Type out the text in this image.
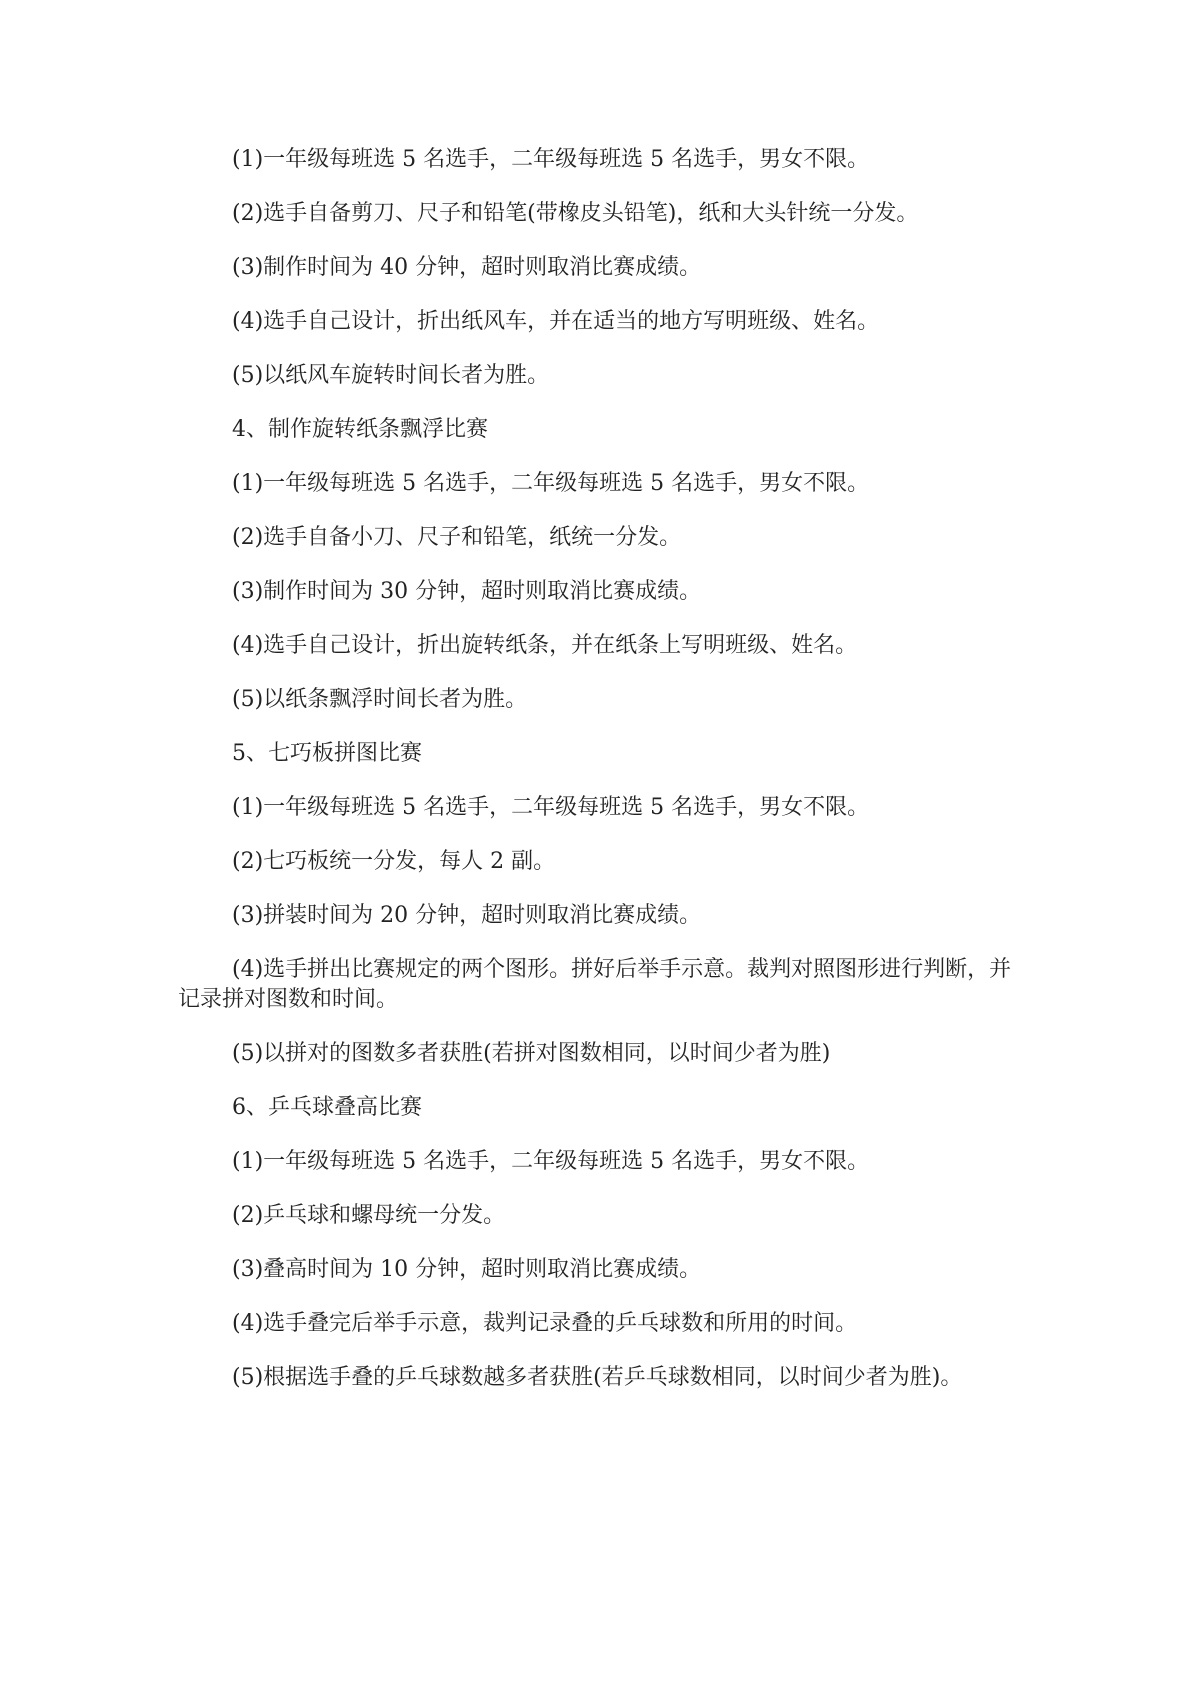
(1)一年级每班选 5 名选手，二年级每班选 5 名选手，男女不限。

(2)选手自备剪刀、尺子和铅笔(带橡皮头铅笔)，纸和大头针统一分发。

(3)制作时间为 40 分钟，超时则取消比赛成绩。

(4)选手自己设计，折出纸风车，并在适当的地方写明班级、姓名。

(5)以纸风车旋转时间长者为胜。

4、制作旋转纸条飘浮比赛

(1)一年级每班选 5 名选手，二年级每班选 5 名选手，男女不限。

(2)选手自备小刀、尺子和铅笔，纸统一分发。

(3)制作时间为 30 分钟，超时则取消比赛成绩。

(4)选手自己设计，折出旋转纸条，并在纸条上写明班级、姓名。

(5)以纸条飘浮时间长者为胜。

5、七巧板拼图比赛

(1)一年级每班选 5 名选手，二年级每班选 5 名选手，男女不限。

(2)七巧板统一分发，每人 2 副。

(3)拼装时间为 20 分钟，超时则取消比赛成绩。

(4)选手拼出比赛规定的两个图形。拼好后举手示意。裁判对照图形进行判断，并记录拼对图数和时间。

(5)以拼对的图数多者获胜(若拼对图数相同，以时间少者为胜)

6、乒乓球叠高比赛

(1)一年级每班选 5 名选手，二年级每班选 5 名选手，男女不限。

(2)乒乓球和螺母统一分发。

(3)叠高时间为 10 分钟，超时则取消比赛成绩。

(4)选手叠完后举手示意，裁判记录叠的乒乓球数和所用的时间。

(5)根据选手叠的乒乓球数越多者获胜(若乒乓球数相同，以时间少者为胜)。
